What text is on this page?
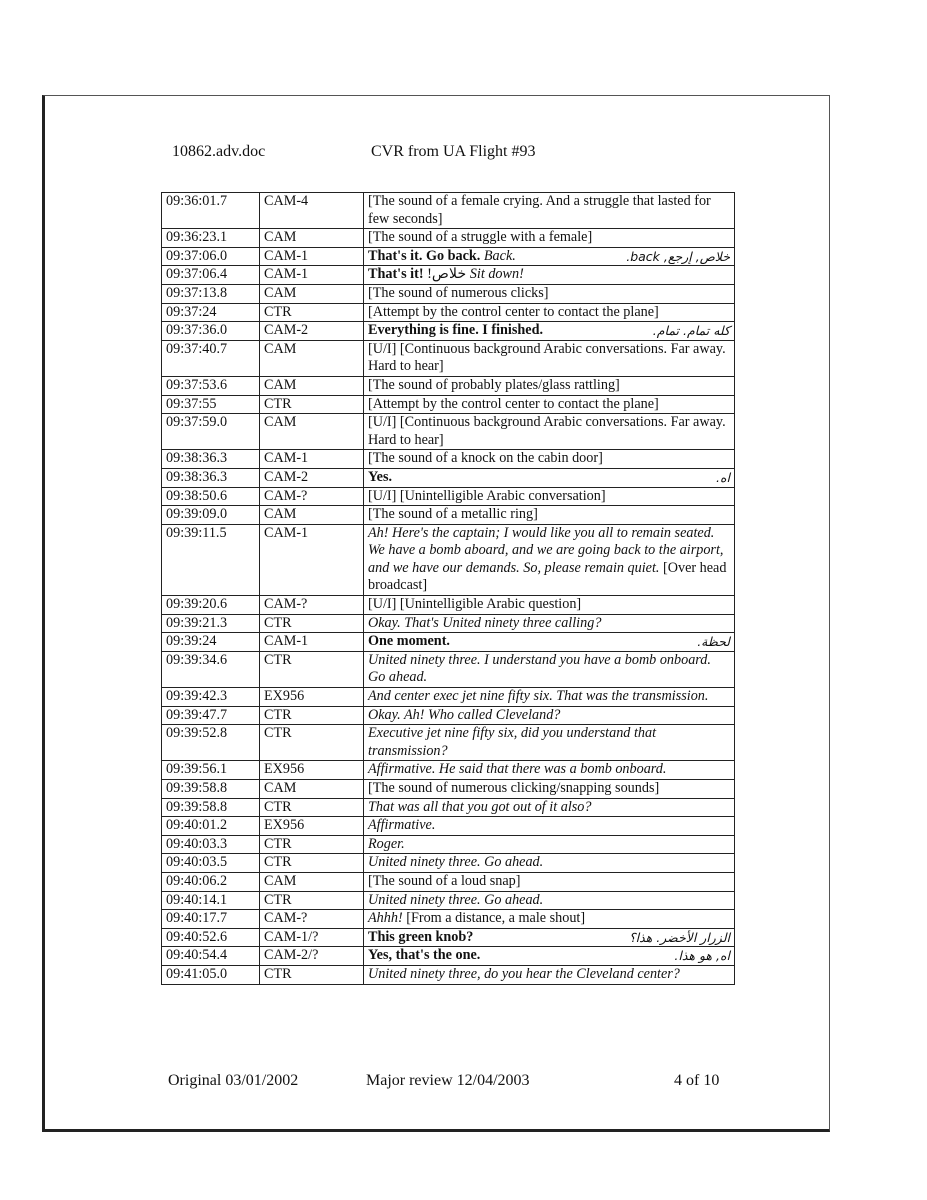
10862.adv.doc	CVR from UA Flight #93
09:36:01.7	CAM-4	[The sound of a female crying. And a struggle that lasted for few seconds]
09:36:23.1	CAM	[The sound of a struggle with a female]
09:37:06.0	CAM-1	خلاص, إرجع, back.
That's it. Go back. Back.
09:37:06.4	CAM-1	That's it! !خلاص Sit down!
09:37:13.8	CAM	[The sound of numerous clicks]
09:37:24	CTR	[Attempt by the control center to contact the plane]
09:37:36.0	CAM-2	كله تمام. تمام.
Everything is fine. I finished.
09:37:40.7	CAM	[U/I] [Continuous background Arabic conversations. Far away. Hard to hear]
09:37:53.6	CAM	[The sound of probably plates/glass rattling]
09:37:55	CTR	[Attempt by the control center to contact the plane]
09:37:59.0	CAM	[U/I] [Continuous background Arabic conversations. Far away. Hard to hear]
09:38:36.3	CAM-1	[The sound of a knock on the cabin door]
09:38:36.3	CAM-2	اه.
Yes.
09:38:50.6	CAM-?	[U/I] [Unintelligible Arabic conversation]
09:39:09.0	CAM	[The sound of a metallic ring]
09:39:11.5	CAM-1	Ah! Here's the captain; I would like you all to remain seated. We have a bomb aboard, and we are going back to the airport, and we have our demands. So, please remain quiet. [Over head broadcast]
09:39:20.6	CAM-?	[U/I] [Unintelligible Arabic question]
09:39:21.3	CTR	Okay. That's United ninety three calling?
09:39:24	CAM-1	لحظة.
One moment.
09:39:34.6	CTR	United ninety three. I understand you have a bomb onboard. Go ahead.
09:39:42.3	EX956	And center exec jet nine fifty six. That was the transmission.
09:39:47.7	CTR	Okay. Ah! Who called Cleveland?
09:39:52.8	CTR	Executive jet nine fifty six, did you understand that transmission?
09:39:56.1	EX956	Affirmative. He said that there was a bomb onboard.
09:39:58.8	CAM	[The sound of numerous clicking/snapping sounds]
09:39:58.8	CTR	That was all that you got out of it also?
09:40:01.2	EX956	Affirmative.
09:40:03.3	CTR	Roger.
09:40:03.5	CTR	United ninety three. Go ahead.
09:40:06.2	CAM	[The sound of a loud snap]
09:40:14.1	CTR	United ninety three. Go ahead.
09:40:17.7	CAM-?	Ahhh! [From a distance, a male shout]
09:40:52.6	CAM-1/?	الزرار الأخضر. هذا؟
This green knob?
09:40:54.4	CAM-2/?	اه, هو هذا.
Yes, that's the one.
09:41:05.0	CTR	United ninety three, do you hear the Cleveland center?
Original 03/01/2002	Major review 12/04/2003	4 of 10
